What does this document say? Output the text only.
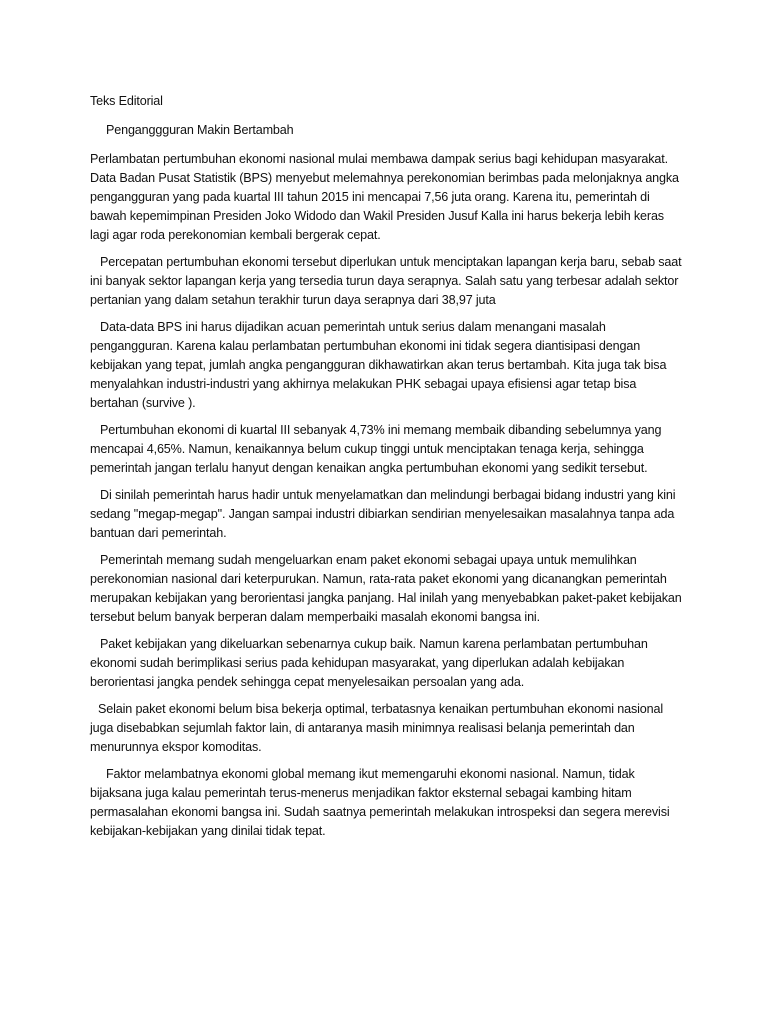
Teks Editorial

Penganggguran Makin Bertambah

Perlambatan pertumbuhan ekonomi nasional mulai membawa dampak serius bagi kehidupan masyarakat. Data Badan Pusat Statistik (BPS) menyebut melemahnya perekonomian berimbas pada melonjaknya angka pengangguran yang pada kuartal III tahun 2015 ini mencapai 7,56 juta orang. Karena itu, pemerintah di bawah kepemimpinan Presiden Joko Widodo dan Wakil Presiden Jusuf Kalla ini harus bekerja lebih keras lagi agar roda perekonomian kembali bergerak cepat.

Percepatan pertumbuhan ekonomi tersebut diperlukan untuk menciptakan lapangan kerja baru, sebab saat ini banyak sektor lapangan kerja yang tersedia turun daya serapnya. Salah satu yang terbesar adalah sektor pertanian yang dalam setahun terakhir turun daya serapnya dari 38,97 juta

Data-data BPS ini harus dijadikan acuan pemerintah untuk serius dalam menangani masalah pengangguran. Karena kalau perlambatan pertumbuhan ekonomi ini tidak segera diantisipasi dengan kebijakan yang tepat, jumlah angka pengangguran dikhawatirkan akan terus bertambah. Kita juga tak bisa menyalahkan industri-industri yang akhirnya melakukan PHK sebagai upaya efisiensi agar tetap bisa bertahan (survive ).

Pertumbuhan ekonomi di kuartal III sebanyak 4,73% ini memang membaik dibanding sebelumnya yang mencapai 4,65%. Namun, kenaikannya belum cukup tinggi untuk menciptakan tenaga kerja, sehingga pemerintah jangan terlalu hanyut dengan kenaikan angka pertumbuhan ekonomi yang sedikit tersebut.

Di sinilah pemerintah harus hadir untuk menyelamatkan dan melindungi berbagai bidang industri yang kini sedang "megap-megap". Jangan sampai industri dibiarkan sendirian menyelesaikan masalahnya tanpa ada bantuan dari pemerintah.

Pemerintah memang sudah mengeluarkan enam paket ekonomi sebagai upaya untuk memulihkan perekonomian nasional dari keterpurukan. Namun, rata-rata paket ekonomi yang dicanangkan pemerintah merupakan kebijakan yang berorientasi jangka panjang. Hal inilah yang menyebabkan paket-paket kebijakan tersebut belum banyak berperan dalam memperbaiki masalah ekonomi bangsa ini.

Paket kebijakan yang dikeluarkan sebenarnya cukup baik. Namun karena perlambatan pertumbuhan ekonomi sudah berimplikasi serius pada kehidupan masyarakat, yang diperlukan adalah kebijakan berorientasi jangka pendek sehingga cepat menyelesaikan persoalan yang ada.

Selain paket ekonomi belum bisa bekerja optimal, terbatasnya kenaikan pertumbuhan ekonomi nasional juga disebabkan sejumlah faktor lain, di antaranya masih minimnya realisasi belanja pemerintah dan menurunnya ekspor komoditas.

Faktor melambatnya ekonomi global memang ikut memengaruhi ekonomi nasional. Namun, tidak bijaksana juga kalau pemerintah terus-menerus menjadikan faktor eksternal sebagai kambing hitam permasalahan ekonomi bangsa ini. Sudah saatnya pemerintah melakukan introspeksi dan segera merevisi kebijakan-kebijakan yang dinilai tidak tepat.
